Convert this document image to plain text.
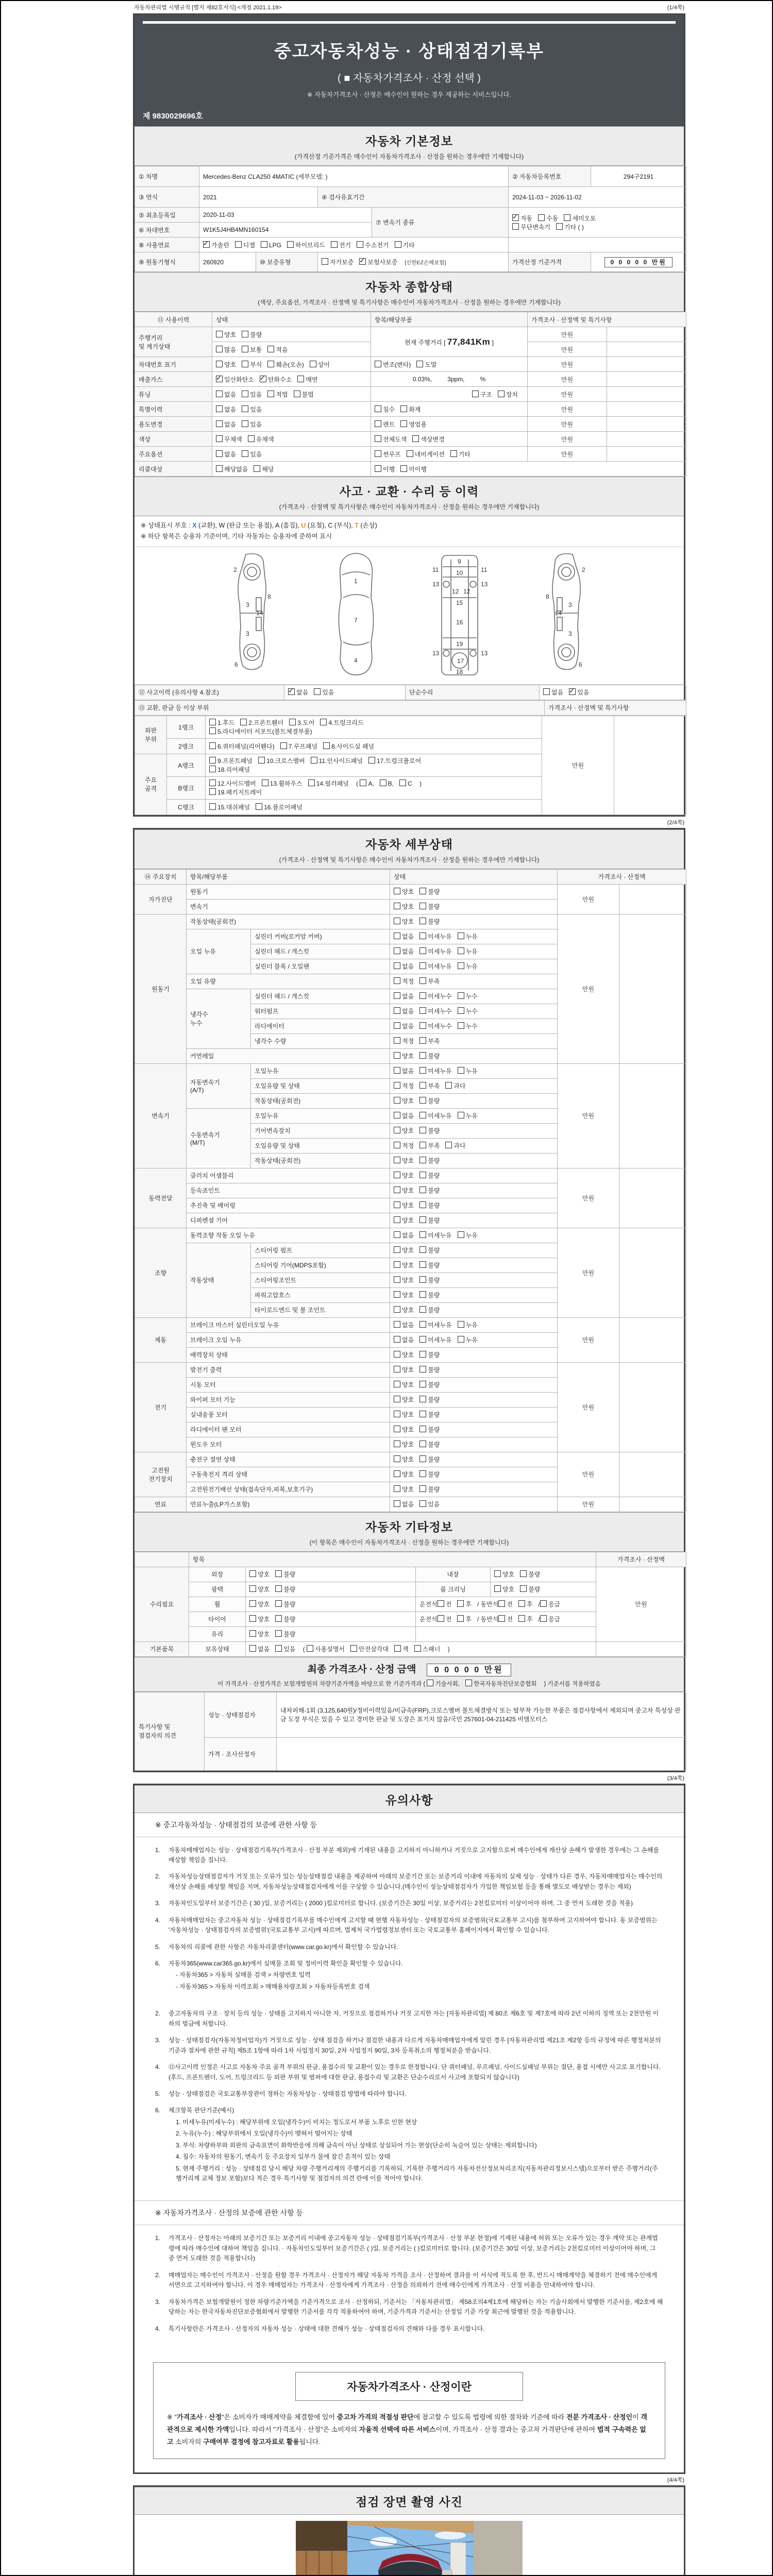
자동차관리법 시행규칙 [별지 제82호서식] <개정 2021.1.19>	(1/4쪽)
중고자동차성능 · 상태점검기록부
( ■ 자동차가격조사 · 산정 선택 )
※ 자동차가격조사 · 산정은 매수인이 원하는 경우 제공하는 서비스입니다.
제 9830029696호
자동차 기본정보
(가격산정 기준가격은 매수인이 자동차가격조사 · 산정을 원하는 경우에만 기재합니다)
① 차명	Mercedes-Benz CLA250 4MATIC (세부모델: )				② 자동차등록번호	294구2191
③ 연식	2021		④ 검사유효기간		2024-11-03 ~ 2026-11-02	
⑤ 최초등록일	2020-11-03			⑦ 변속기 종류	✓자동 수동 세미오토
무단변속기 기타 ( )
⑥ 차대번호	W1K5J4HB4MN160154					
⑧ 사용연료	✓가솔린 디젤 LPG 하이브리드 전기 수소전기 기타	
⑨ 원동기형식	260920	⑩ 보증유형	자가보증 ✓ 보험사보증 [신한EZ손해보험]		가격산정 기준가격	0 0 0 0 0 만원
자동차 종합상태
(색상, 주요옵션, 가격조사 · 산정액 및 특기사항은 매수인이 자동차가격조사 · 산정을 원하는 경우에만 기재합니다)
⑪ 사용이력	상태	항목/해당부품	가격조사 · 산정액 및 특기사항	
주행거리
및 계기상태	양호 불량	현재 주행거리 [ 77,841Km ]	만원	
	많음 보통 적음		만원	
차대번호 표기	양호 부식 훼손(오손) 상이	변조(변타) 도말	만원	
배출가스	✓일산화탄소 ✓ 탄화수소 매연	0.03%, 3ppm, %	만원	
튜닝	없음 있음 적법 불법	구조 장치	만원	
특별이력	없음 있음	침수 화재	만원	
용도변경	없음 있음	렌트 영업용	만원	
색상	무채색 유채색	전체도색 색상변경	만원	
주요옵션	없음 있음	썬루프 네비게이션 기타	만원	
리콜대상	해당없음 해당	이행 미이행		
사고 · 교환 · 수리 등 이력
(가격조사 · 산정액 및 특기사항은 매수인이 자동차가격조사 · 산정을 원하는 경우에만 기재합니다)
※ 상태표시 부호 : X (교환), W (판금 또는 용접), A (흠집), U (요철), C (부식), T (손상)
※ 하단 항목은 승용차 기준이며, 기타 자동차는 승용차에 준하여 표시
2
8
3
14
3
6

1
7
4

9
11	11
10
13	13
12 12
15
16
19
13	13
17
18

2
8
3
14
3
6
⑫ 사고이력 (유의사항 4.참조)	✓없음 있음	단순수리	없음 ✓ 있음
⑬ 교환, 판금 등 이상 부위	가격조사 · 산정액 및 특기사항
외판
부위	1랭크	1.후드 2.프론트휀더 3.도어 4.트렁크리드
5.라디에이터 서포트(볼트체결부품)	만원	
	2랭크	6.쿼터패널(리어휀다) 7.루프패널 8.사이드실 패널		
주요
골격	A랭크	9.프론트패널 10.크로스멤버 11.인사이드패널 17.트렁크플로어
18.리어패널		
	B랭크	12.사이드멤버 13.휠하우스 14.필러패널 ( A, B, C )
19.패키지트레이		
	C랭크	15.대쉬패널 16.플로어패널		
(2/4쪽)
자동차 세부상태
(가격조사 · 산정액 및 특기사항은 매수인이 자동차가격조사 · 산정을 원하는 경우에만 기재합니다)
⑭ 주요장치	항목/해당부품		상태	가격조사 · 산정액	
자가진단	원동기		양호 불량	만원	
	변속기		양호 불량		
원동기	작동상태(공회전)		양호 불량	만원	
	오일 누유	실린더 커버(로커암 커버)	없음 미세누유 누유		
		실린더 헤드 / 개스킷	없음 미세누유 누유		
		실린더 블록 / 오일팬	없음 미세누유 누유		
	오일 유량		적정 부족		
	냉각수
누수	실린더 헤드 / 개스킷	없음 미세누수 누수		
		워터펌프	없음 미세누수 누수		
		라디에이터	없음 미세누수 누수		
		냉각수 수량	적정 부족		
	커먼레일		양호 불량		
변속기	자동변속기
(A/T)	오일누유	없음 미세누유 누유	만원	
		오일유량 및 상태	적정 부족 과다		
		작동상태(공회전)	양호 불량		
	수동변속기
(M/T)	오일누유	없음 미세누유 누유		
		기어변속장치	양호 불량		
		오일유량 및 상태	적정 부족 과다		
		작동상태(공회전)	양호 불량		
동력전달	클러치 어셈블리		양호 불량	만원	
	등속죠인트		양호 불량		
	추진축 및 베어링		양호 불량		
	디퍼렌셜 기어		양호 불량		
조향	동력조향 작동 오일 누유		없음 미세누유 누유	만원	
	작동상태	스티어링 펌프	양호 불량		
		스티어링 기어(MDPS포함)	양호 불량		
		스티어링조인트	양호 불량		
		파워고압호스	양호 불량		
		타이로드엔드 및 볼 조인트	양호 불량		
제동	브레이크 마스터 실린더오일 누유		없음 미세누유 누유	만원	
	브레이크 오일 누유		없음 미세누유 누유		
	배력장치 상태		양호 불량		
전기	발전기 출력		양호 불량	만원	
	시동 모터		양호 불량		
	와이퍼 모터 기능		양호 불량		
	실내송풍 모터		양호 불량		
	라디에이터 팬 모터		양호 불량		
	윈도우 모터		양호 불량		
고전원
전기장치	충전구 절연 상태		양호 불량	만원	
	구동축전지 격리 상태		양호 불량		
	고전원전기배선 상태(접속단자,피복,보호기구)		양호 불량		
연료	연료누출(LP가스포함)		없음 있음	만원	
자동차 기타정보
(이 항목은 매수인이 자동차가격조사 · 산정을 원하는 경우에만 기재합니다)
	항목				가격조사 · 산정액
수리필요	외장	양호 불량	내장	양호 불량	만원
	광택	양호 불량	룸 크리닝	양호 불량	
	휠	양호 불량	운전석 전 후 / 동반석 전 후 / 응급		
	타이어	양호 불량	운전석 전 후 / 동반석 전 후 / 응급		
	유리	양호 불량			
기본품목	보유상태	없음 있음 ( 사용설명서 안전삼각대 잭 스패너 )			
최종 가격조사 · 산정 금액 0 0 0 0 0 만원
이 가격조사 · 산정가격은 보험개발원의 차량기준가액을 바탕으로 한 기준가격과 ( 기술사회, 한국자동차진단보증협회 ) 기준서를 적용하였음
특기사항 및
점검자의 의견	성능 · 상태점검자	내차피해-1회 (3,125,640원)/정비이력있음/비금속(FRP),크로스멤버 볼트체결방식 또는 탈부착 가능한 부품은 점검사항에서 제외되며 중고차 특성상 판금 도장 부식은 있을 수 있고 경미한 판금 및 도장은 표기치 않음/국민 257601-04-211425 비엠모터스
	가격 · 조사산정자	
(3/4쪽)
유의사항
※ 중고자동차성능 · 상태점검의 보증에 관한 사항 등
1.	자동차매매업자는 성능 · 상태점검기록부(가격조사 · 산정 부분 제외)에 기재된 내용을 고지하지 아니하거나 거짓으로 고지함으로써 매수인에게 재산상 손해가 발생한 경우에는 그 손해를 배상할 책임을 집니다.
2.	자동차성능상태점검자가 거짓 또는 오류가 있는 성능상태점검 내용을 제공하여 아래의 보증기간 또는 보증거리 이내에 자동차의 실제 성능 · 상태가 다른 경우, 자동차매매업자는 매수인의 재산상 손해를 배상할 책임을 지며, 자동차성능상태점검자에게 이를 구상할 수 있습니다.(매수인이 성능상태점검자가 가입한 책임보험 등을 통해 별도로 배상받는 경우는 제외)
3.	자동차인도일부터 보증기간은 ( 30 )일, 보증거리는 ( 2000 )킬로미터로 합니다. (보증기간은 30일 이상, 보증거리는 2천킬로미터 이상이어야 하며, 그 중 먼저 도래한 것을 적용)
4.	자동차매매업자는 중고자동차 성능 · 상태점검기록부를 매수인에게 고지할 때 현행 자동차성능 · 상태점검자의 보증범위(국토교통부 고시)를 첨부하여 고지하여야 합니다. 동 보증범위는 '자동차성능 · 상태점검자의 보증범위'(국토교통부 고시)에 따르며, 법제처 국가법령정보센터 또는 국토교통부 홈페이지에서 확인할 수 있습니다.
5.	자동차의 리콜에 관한 사항은 자동차리콜센터(www.car.go.kr)에서 확인할 수 있습니다.
6.	자동차365(www.car365.go.kr)에서 실매물 조회 및 정비이력 확인을 확인할 수 있습니다.
- 자동차365 > 자동차 실매물 검색 > 차량번호 입력
- 자동차365 > 자동차 이력조회 > 매매용차량조회 > 자동차등록번호 검색
2.	중고자동차의 구조 · 장치 등의 성능 · 상태를 고지하지 아니한 자, 거짓으로 점검하거나 거짓 고지한 자는 [자동차관리법] 제 80조 제6호 및 제7호에 따라 2년 이하의 징역 또는 2천만원 이하의 벌금에 처합니다.
3.	성능 · 상태점검자(자동차정비업자)가 거짓으로 성능 · 상태 점검을 하거나 점검한 내용과 다르게 자동차매매업자에게 알린 경우 [자동차관리법 제21조 제2항 등의 규정에 따른 행정처분의 기준과 절차에 관한 규칙] 제5조 1항에 따라 1차 사업정지 30일, 2차 사업정지 90일, 3차 등록취소의 행정처분을 받습니다.
4.	⑫사고이력 인정은 사고로 자동차 주요 골격 부위의 판금, 용접수리 및 교환이 있는 경우로 한정합니다. 단 쿼터패널, 루프패널, 사이드실패널 부위는 절단, 용접 시에만 사고로 표기합니다. (후드, 프론트펜더, 도어, 트렁크리드 등 외판 부위 및 범퍼에 대한 판금, 용접수리 및 교환은 단순수리로서 사고에 포함되지 않습니다)
5.	성능 · 상태점검은 국토교통부장관이 정하는 자동차성능 · 상태점검 방법에 따라야 합니다.
6.	체크항목 판단기준(예시)
1. 미세누유(미세누수) : 해당부위에 오일(냉각수)이 비치는 정도로서 부품 노후로 인한 현상
2. 누유(누수) : 해당부위에서 오일(냉각수)이 맺혀서 떨어지는 상태
3. 부식: 차량하부와 외판의 금속표면이 화학반응에 의해 금속이 아닌 상태로 상실되어 가는 현상(단순히 녹슬어 있는 상태는 제외합니다)
4. 침수: 자동차의 원동기, 변속기 등 주요장치 일부가 물에 잠긴 흔적이 있는 상태
5. 현재 주행거리 : 성능 · 상태점검 당시 해당 차량 주행거리계의 주행거리를 기록하되, 기록한 주행거리가 자동차전산정보처리조직(자동차관리정보시스템)으로부터 받은 주행거리(주행거리계 교체 정보 포함)보다 적은 경우 특기사항 및 점검자의 의견 란에 이를 적어야 합니다.
※ 자동차가격조사 · 산정의 보증에 관한 사항 등
1.	가격조사 · 산정자는 아래의 보증기간 또는 보증거리 이내에 중고자동차 성능 · 상태점검기록부(가격조사 · 산정 부분 한정)에 기재된 내용에 허위 또는 오류가 있는 경우 계약 또는 관계법령에 따라 매수인에 대하여 책임을 집니다. · 자동차인도일부터 보증기간은 ( )일, 보증거리는 ( )킬로미터로 합니다. (보증기간은 30일 이상, 보증거리는 2천킬로미터 이상이어야 하며, 그 중 먼저 도래한 것을 적용합니다)
2.	매매업자는 매수인이 가격조사 · 산정을 원할 경우 가격조사 · 산정자가 해당 자동차 가격을 조사 · 산정하여 결과를 이 서식에 적도록 한 후, 반드시 매매계약을 체결하기 전에 매수인에게 서면으로 고지하여야 합니다. 이 경우 매매업자는 가격조사 · 산정자에게 가격조사 · 산정을 의뢰하기 전에 매수인에게 가격조사 · 산정 비용을 안내하여야 합니다.
3.	자동차가격은 보험개발원이 정한 차량기준가액을 기준가격으로 조사 · 산정하되, 기준서는 「자동차관리법」 제58조의4제1호에 해당하는 자는 기술사회에서 발행한 기준서를, 제2호에 해당하는 자는 한국자동차진단보증협회에서 발행한 기준서를 각각 적용하여야 하며, 기준가격과 기준서는 산정일 기준 가장 최근에 발행된 것을 적용합니다.
4.	특기사항란은 가격조사 · 산정자의 자동차 성능 · 상태에 대한 견해가 성능 · 상태점검자의 견해와 다를 경우 표시합니다.
자동차가격조사 · 산정이란
※ "가격조사 · 산정"은 소비자가 매매계약을 체결함에 있어 중고차 가격의 적절성 판단에 참고할 수 있도록 법령에 의한 절차와 기준에 따라 전문 가격조사 · 산정인이 객관적으로 제시한 가액입니다. 따라서 "가격조사 · 산정"은 소비자의 자율적 선택에 따른 서비스이며, 가격조사 · 산정 결과는 중고차 가격판단에 관하여 법적 구속력은 없고 소비자의 구매여부 결정에 참고자료로 활용됩니다.
(4/4쪽)
점검 장면 촬영 사진
